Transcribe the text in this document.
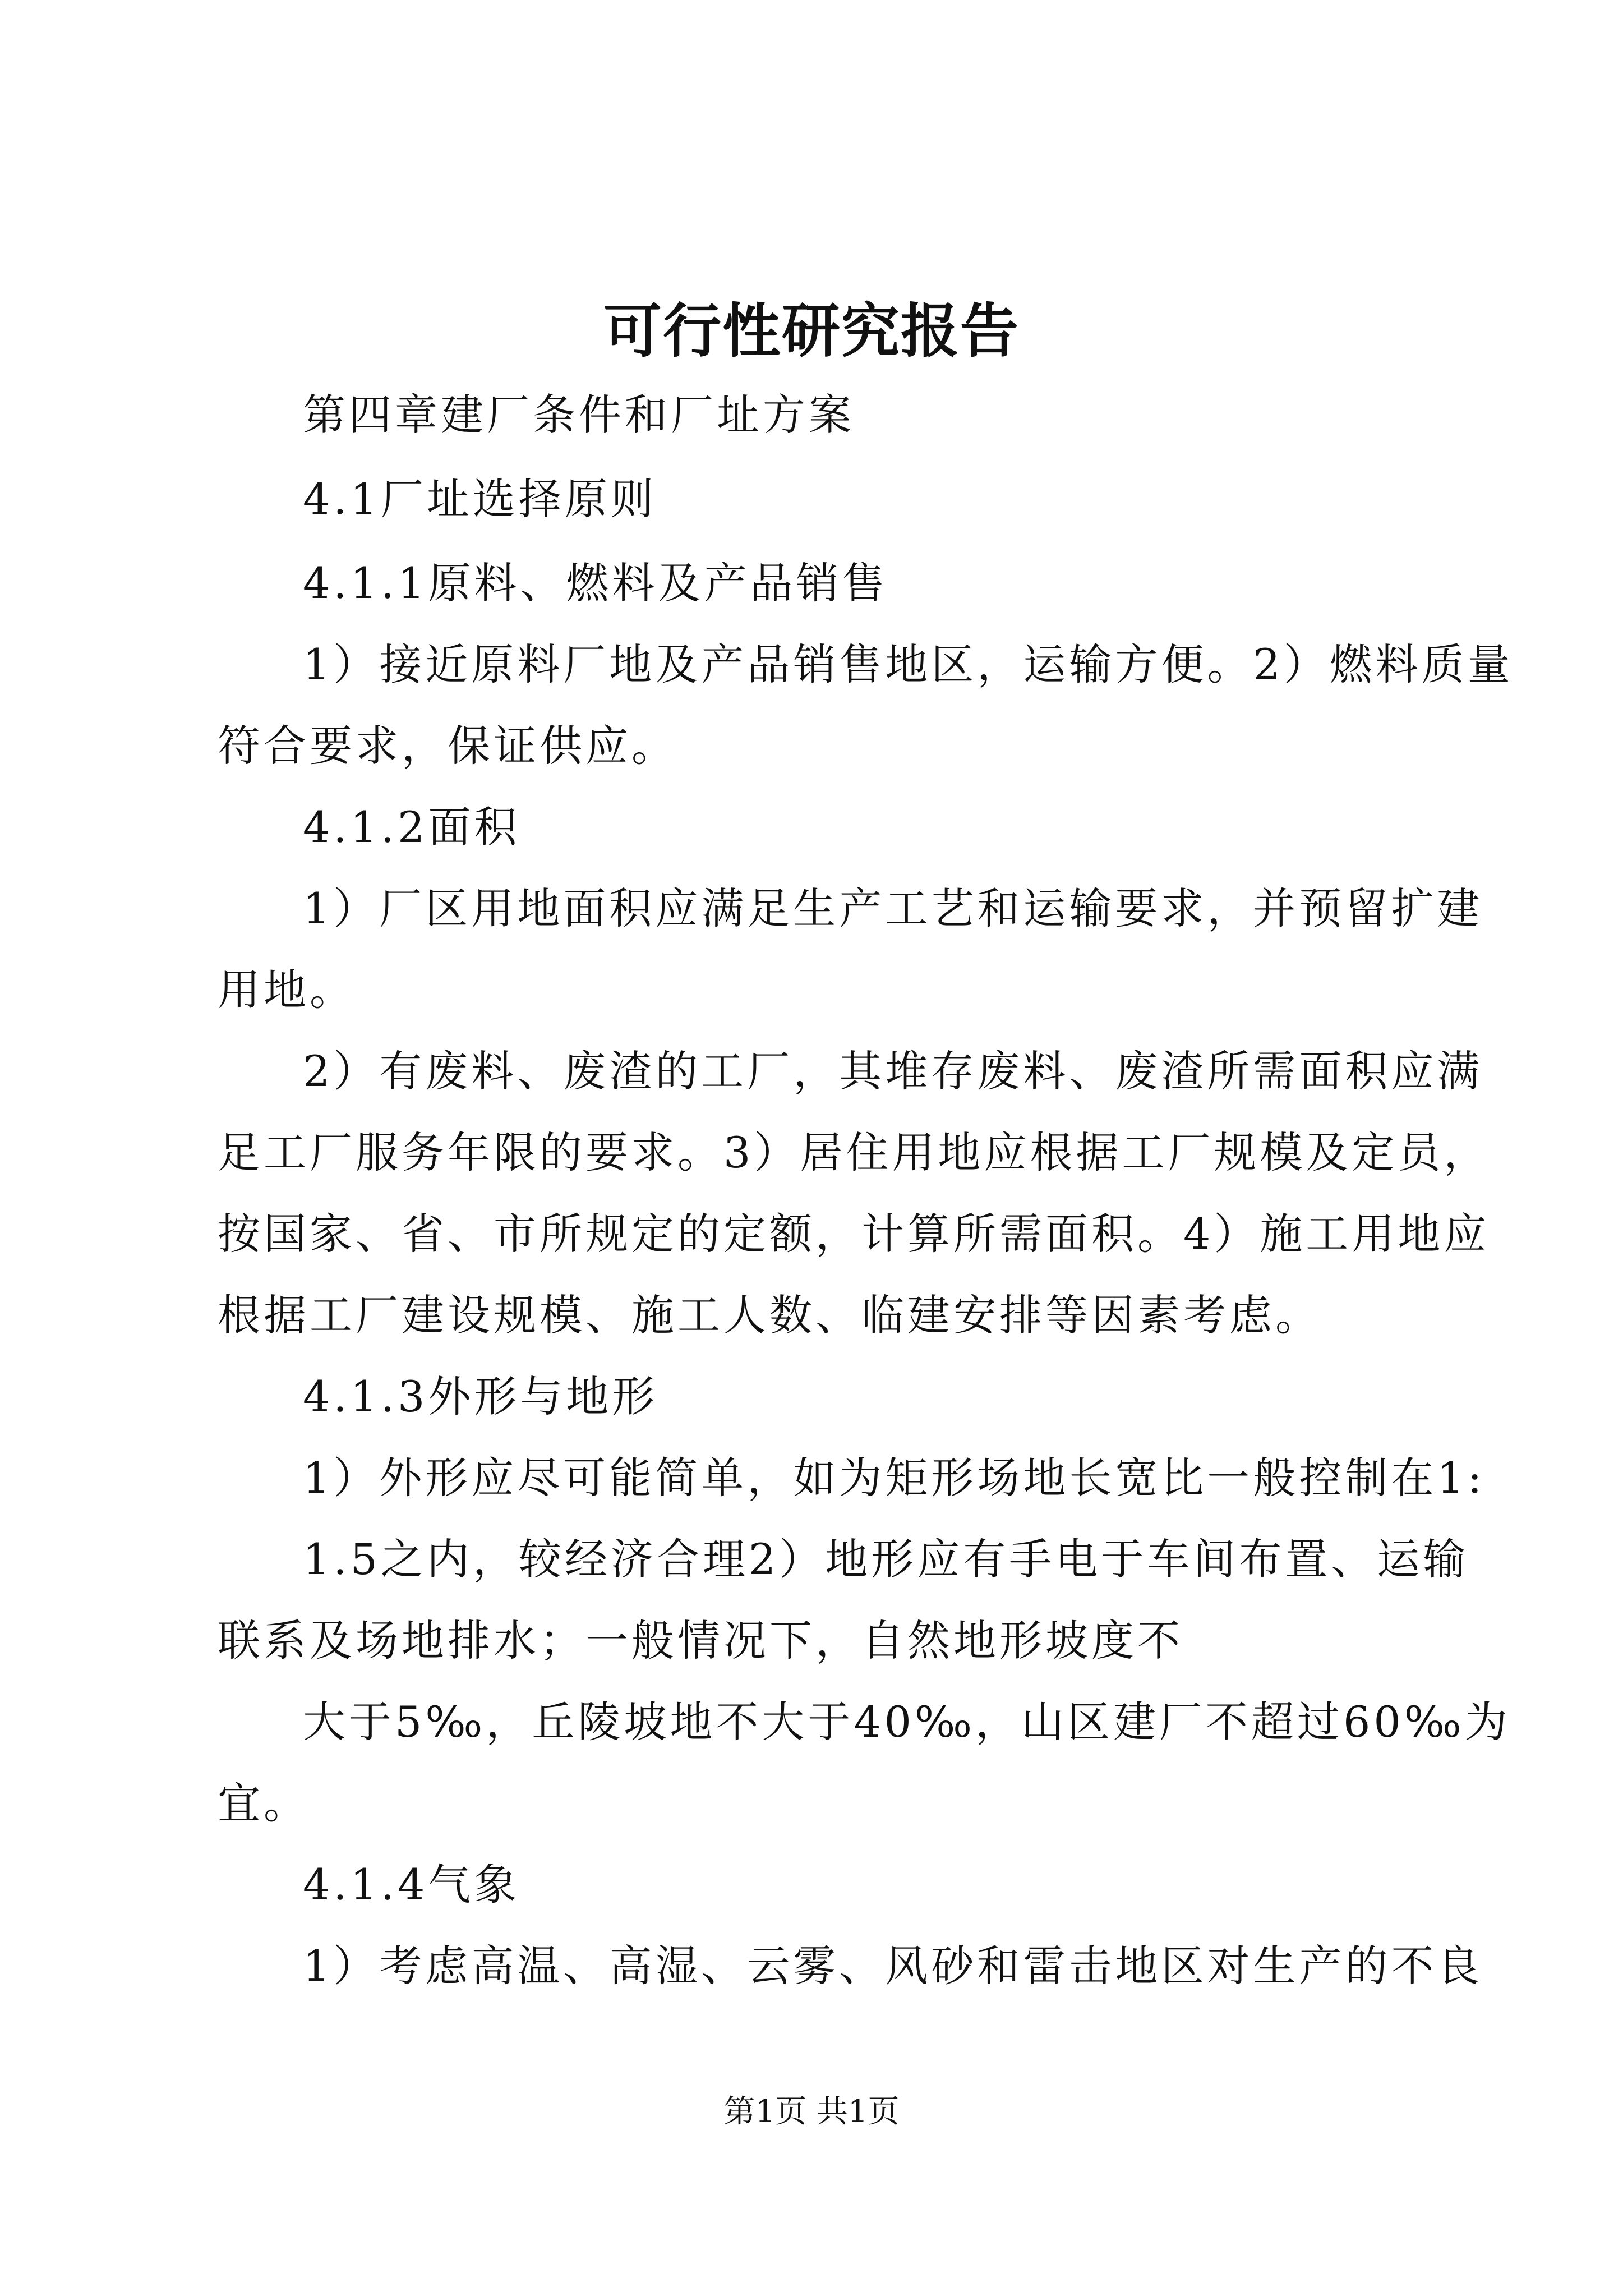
可行性研究报告
第四章建厂条件和厂址方案
4.1厂址选择原则
4.1.1原料、燃料及产品销售
1）接近原料厂地及产品销售地区，运输方便。2）燃料质量
符合要求，保证供应。
4.1.2面积
1）厂区用地面积应满足生产工艺和运输要求，并预留扩建
用地。
2）有废料、废渣的工厂，其堆存废料、废渣所需面积应满
足工厂服务年限的要求。3）居住用地应根据工厂规模及定员，
按国家、省、市所规定的定额，计算所需面积。4）施工用地应
根据工厂建设规模、施工人数、临建安排等因素考虑。
4.1.3外形与地形
1）外形应尽可能简单，如为矩形场地长宽比一般控制在1:
1.5之内，较经济合理2）地形应有手电于车间布置、运输
联系及场地排水；一般情况下，自然地形坡度不
大于5‰，丘陵坡地不大于40‰，山区建厂不超过60‰为
宜。
4.1.4气象
1）考虑高温、高湿、云雾、风砂和雷击地区对生产的不良
第1页 共1页
